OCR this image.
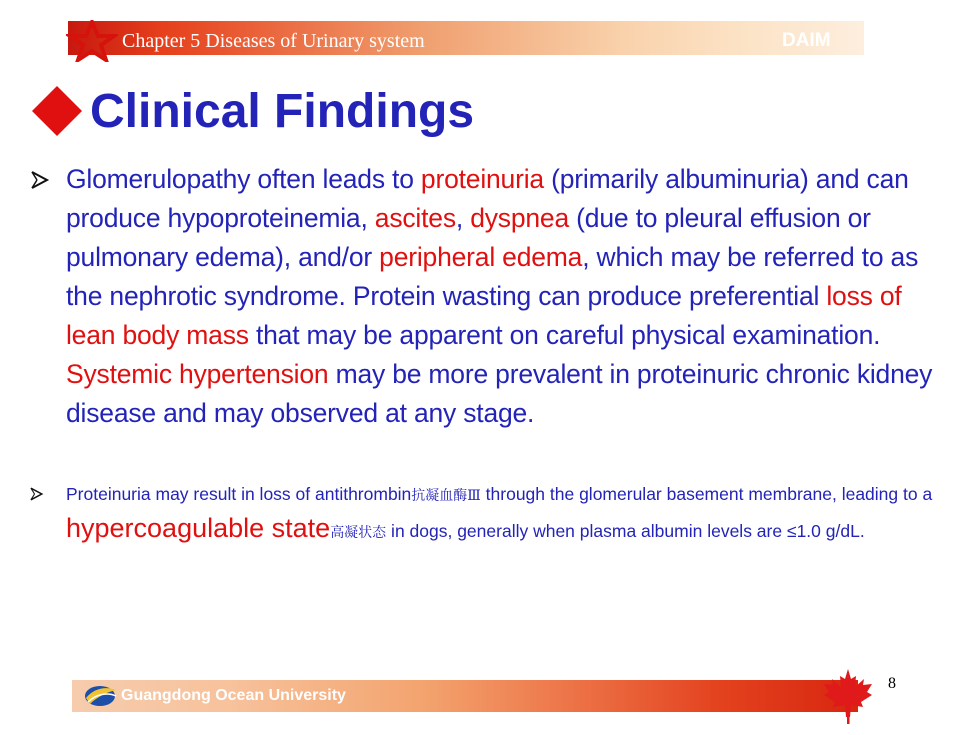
Chapter 5 Diseases of Urinary system	DAIM
Clinical Findings
Glomerulopathy often leads to proteinuria (primarily albuminuria) and can produce hypoproteinemia, ascites, dyspnea (due to pleural effusion or pulmonary edema), and/or peripheral edema, which may be referred to as the nephrotic syndrome. Protein wasting can produce preferential loss of lean body mass that may be apparent on careful physical examination. Systemic hypertension may be more prevalent in proteinuric chronic kidney disease and may observed at any stage.
Proteinuria may result in loss of antithrombin抗凝血酶Ⅲ through the glomerular basement membrane, leading to a hypercoagulable state高凝状态 in dogs, generally when plasma albumin levels are ≤1.0 g/dL.
Guangdong Ocean University
8
